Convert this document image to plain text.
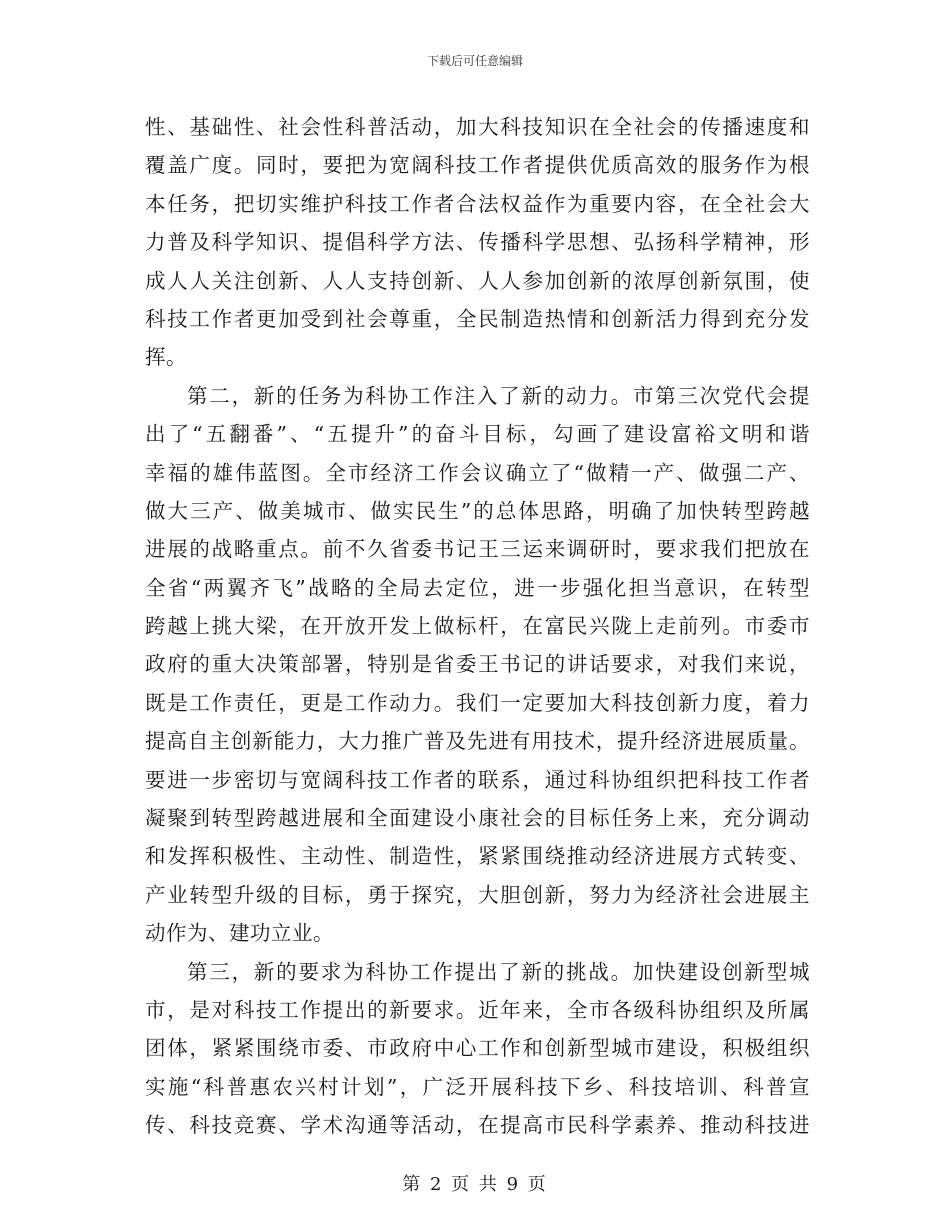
下载后可任意编辑
性、基础性、社会性科普活动，加大科技知识在全社会的传播速度和
覆盖广度。同时，要把为宽阔科技工作者提供优质高效的服务作为根
本任务，把切实维护科技工作者合法权益作为重要内容，在全社会大
力普及科学知识、提倡科学方法、传播科学思想、弘扬科学精神，形
成人人关注创新、人人支持创新、人人参加创新的浓厚创新氛围，使
科技工作者更加受到社会尊重，全民制造热情和创新活力得到充分发
挥。
第二，新的任务为科协工作注入了新的动力。市第三次党代会提
出了“五翻番”、“五提升”的奋斗目标，勾画了建设富裕文明和谐
幸福的雄伟蓝图。全市经济工作会议确立了“做精一产、做强二产、
做大三产、做美城市、做实民生”的总体思路，明确了加快转型跨越
进展的战略重点。前不久省委书记王三运来调研时，要求我们把放在
全省“两翼齐飞”战略的全局去定位，进一步强化担当意识，在转型
跨越上挑大梁，在开放开发上做标杆，在富民兴陇上走前列。市委市
政府的重大决策部署，特别是省委王书记的讲话要求，对我们来说，
既是工作责任，更是工作动力。我们一定要加大科技创新力度，着力
提高自主创新能力，大力推广普及先进有用技术，提升经济进展质量。
要进一步密切与宽阔科技工作者的联系，通过科协组织把科技工作者
凝聚到转型跨越进展和全面建设小康社会的目标任务上来，充分调动
和发挥积极性、主动性、制造性，紧紧围绕推动经济进展方式转变、
产业转型升级的目标，勇于探究，大胆创新，努力为经济社会进展主
动作为、建功立业。
第三，新的要求为科协工作提出了新的挑战。加快建设创新型城
市，是对科技工作提出的新要求。近年来，全市各级科协组织及所属
团体，紧紧围绕市委、市政府中心工作和创新型城市建设，积极组织
实施“科普惠农兴村计划”，广泛开展科技下乡、科技培训、科普宣
传、科技竞赛、学术沟通等活动，在提高市民科学素养、推动科技进
第 2 页 共 9 页
